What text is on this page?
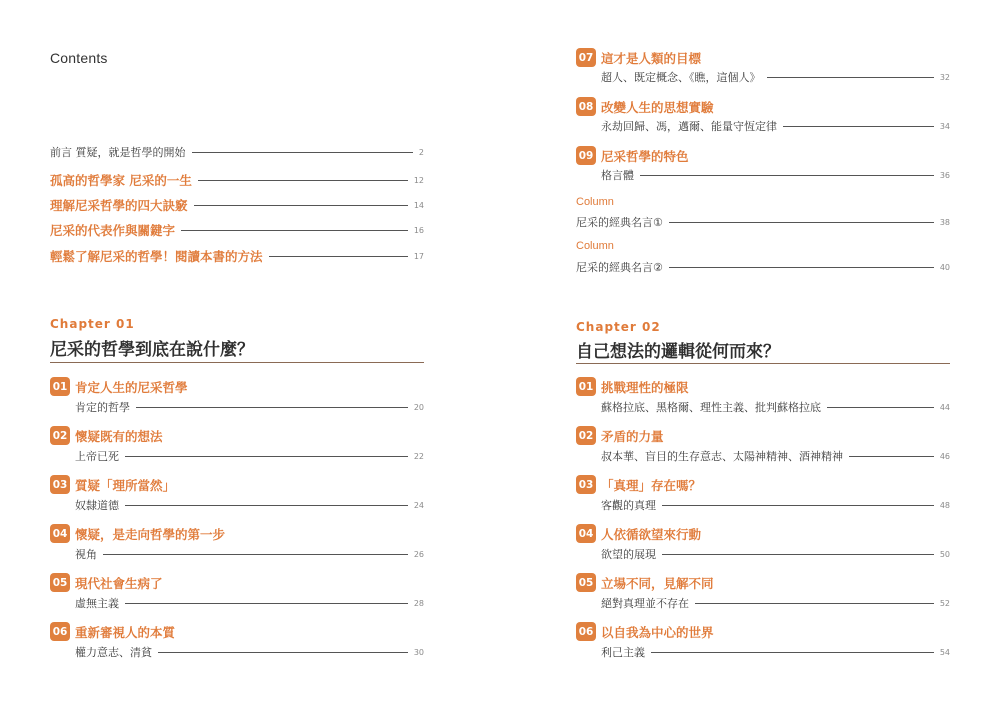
Contents
前言 質疑，就是哲學的開始	2
孤高的哲學家 尼采的一生	12
理解尼采哲學的四大訣竅	14
尼采的代表作與關鍵字	16
輕鬆了解尼采的哲學！閱讀本書的方法	17
Chapter 01
尼采的哲學到底在說什麼？
01 肯定人生的尼采哲學
肯定的哲學	20
02 懷疑既有的想法
上帝已死	22
03 質疑「理所當然」
奴隸道德	24
04 懷疑，是走向哲學的第一步
視角	26
05 現代社會生病了
虛無主義	28
06 重新審視人的本質
權力意志、清貧	30
07 這才是人類的目標
超人、既定概念、《瞧，這個人》	32
08 改變人生的思想實驗
永劫回歸、馮，邁爾、能量守恆定律	34
09 尼采哲學的特色
格言體	36
Column
尼采的經典名言①	38
Column
尼采的經典名言②	40
Chapter 02
自己想法的邏輯從何而來？
01 挑戰理性的極限
蘇格拉底、黑格爾、理性主義、批判蘇格拉底	44
02 矛盾的力量
叔本華、盲目的生存意志、太陽神精神、酒神精神	46
03 「真理」存在嗎？
客觀的真理	48
04 人依循欲望來行動
欲望的展現	50
05 立場不同，見解不同
絕對真理並不存在	52
06 以自我為中心的世界
利己主義	54
